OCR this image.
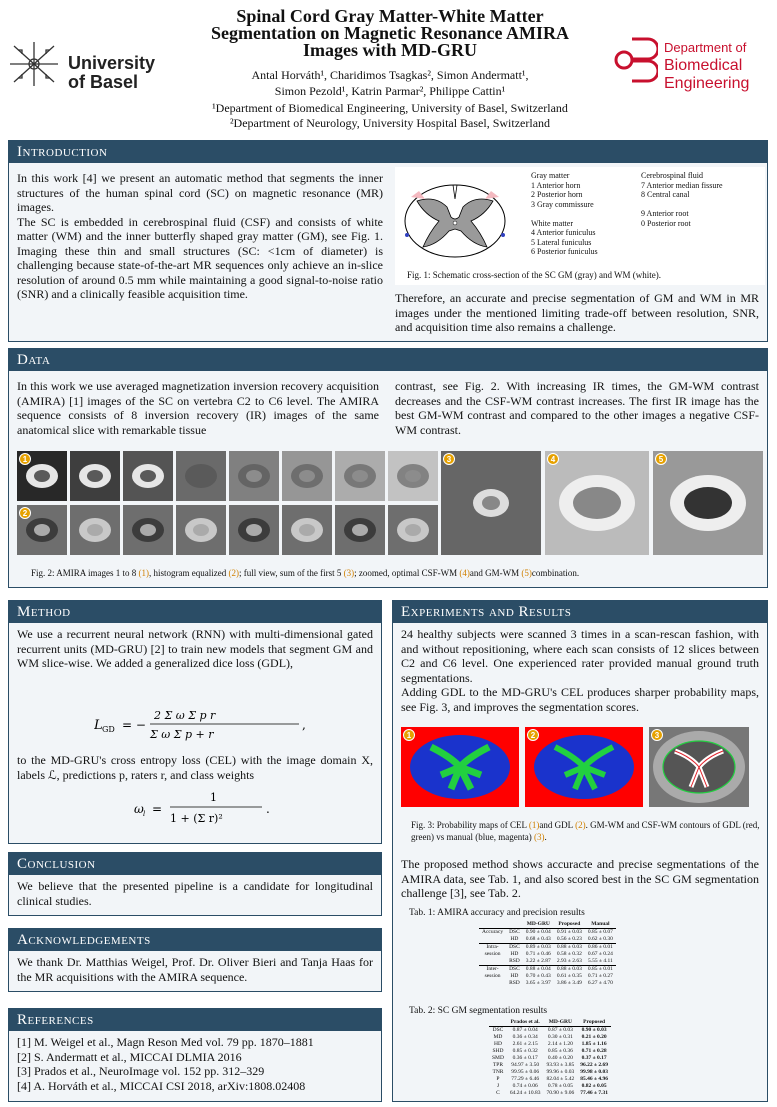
University
of Basel
Spinal Cord Gray Matter-White Matter
Segmentation on Magnetic Resonance AMIRA
Images with MD-GRU
Antal Horváth¹, Charidimos Tsagkas², Simon Andermatt¹,
Simon Pezold¹, Katrin Parmar², Philippe Cattin¹
¹Department of Biomedical Engineering, University of Basel, Switzerland
²Department of Neurology, University Hospital Basel, Switzerland
Department of
Biomedical
Engineering
Introduction
In this work [4] we present an automatic method that segments the inner structures of the human spinal cord (SC) on magnetic resonance (MR) images.
The SC is embedded in cerebrospinal fluid (CSF) and consists of white matter (WM) and the inner butterfly shaped gray matter (GM), see Fig. 1. Imaging these thin and small structures (SC: <1cm of diameter) is challenging because state-of-the-art MR sequences only achieve an in-slice resolution of around 0.5 mm while maintaining a good signal-to-noise ratio (SNR) and a clinically feasible acquisition time.
Gray matter
1 Anterior horn
2 Posterior horn
3 Gray commissure
White matter
4 Anterior funiculus
5 Lateral funiculus
6 Posterior funiculus
Cerebrospinal fluid
7 Anterior median fissure
8 Central canal
9 Anterior root
0 Posterior root
Fig. 1: Schematic cross-section of the SC GM (gray) and WM (white).
Therefore, an accurate and precise segmentation of GM and WM in MR images under the mentioned limiting trade-off between resolution, SNR, and acquisition time also remains a challenge.
Data
In this work we use averaged magnetization inversion recovery acquisition (AMIRA) [1] images of the SC on vertebra C2 to C6 level. The AMIRA sequence consists of 8 inversion recovery (IR) images of the same anatomical slice with remarkable tissue
contrast, see Fig. 2. With increasing IR times, the GM-WM contrast decreases and the CSF-WM contrast increases. The first IR image has the best GM-WM contrast and compared to the other images a negative CSF-WM contrast.
1
2
3	4	5
Fig. 2: AMIRA images 1 to 8 (1), histogram equalized (2); full view, sum of the first 5 (3); zoomed, optimal CSF-WM (4)and GM-WM (5)combination.
Method
We use a recurrent neural network (RNN) with multi-dimensional gated recurrent units (MD-GRU) [2] to train new models that segment GM and WM slice-wise. We added a generalized dice loss (GDL),
L GD = −
2 Σ ω Σ p r
Σ ω Σ p + r
,
to the MD-GRU's cross entropy loss (CEL) with the image domain X, labels ℒ, predictions p, raters r, and class weights
ω l =
1
1 + (Σ r)²
.
Conclusion
We believe that the presented pipeline is a candidate for longitudinal clinical studies.
Acknowledgements
We thank Dr. Matthias Weigel, Prof. Dr. Oliver Bieri and Tanja Haas for the MR acquisitions with the AMIRA sequence.
References
[1] M. Weigel et al., Magn Reson Med vol. 79 pp. 1870–1881
[2] S. Andermatt et al., MICCAI DLMIA 2016
[3] Prados et al., NeuroImage vol. 152 pp. 312–329
[4] A. Horváth et al., MICCAI CSI 2018, arXiv:1808.02408
Experiments and Results
24 healthy subjects were scanned 3 times in a scan-rescan fashion, with and without repositioning, where each scan consists of 12 slices between C2 and C6 level. One experienced rater provided manual ground truth segmentations.
Adding GDL to the MD-GRU's CEL produces sharper probability maps, see Fig. 3, and improves the segmentation scores.
1	2	3
Fig. 3: Probability maps of CEL (1)and GDL (2). GM-WM and CSF-WM contours of GDL (red, green) vs manual (blue, magenta) (3).
The proposed method shows accuracte and precise segmentations of the AMIRA data, see Tab. 1, and also scored best in the SC GM segmentation challenge [3], see Tab. 2.
Tab. 1: AMIRA accuracy and precision results
		MD-GRU	Proposed	Manual
Accuracy	DSC	0.90 ± 0.04	0.91 ± 0.03	0.85 ± 0.07
	HD	0.68 ± 0.43	0.56 ± 0.23	0.62 ± 0.30
Intra-	DSC	0.89 ± 0.03	0.88 ± 0.03	0.86 ± 0.01
session	HD	0.71 ± 0.46	0.58 ± 0.32	0.67 ± 0.24
	RSD	3.22 ± 2.87	2.93 ± 2.63	5.55 ± 4.11
Inter-	DSC	0.88 ± 0.04	0.88 ± 0.03	0.85 ± 0.01
session	HD	0.70 ± 0.43	0.61 ± 0.35	0.71 ± 0.27
	RSD	3.65 ± 3.97	3.86 ± 3.49	6.27 ± 4.70
Tab. 2: SC GM segmentation results
	Prados et al.	MD-GRU	Proposed
DSC	0.87 ± 0.04	0.87 ± 0.03	0.90 ± 0.03
MD	0.36 ± 0.34	0.30 ± 0.31	0.21 ± 0.20
HD	2.61 ± 2.15	2.14 ± 1.20	1.85 ± 1.16
SHD	0.85 ± 0.32	0.85 ± 0.36	0.71 ± 0.28
SMD	0.36 ± 0.17	0.40 ± 0.20	0.37 ± 0.17
TPR	94.97 ± 3.50	93.93 ± 3.85	96.22 ± 2.69
TNR	99.95 ± 0.06	99.96 ± 0.03	99.98 ± 0.03
P	77.29 ± 6.46	82.04 ± 5.42	85.46 ± 4.96
J	0.74 ± 0.06	0.78 ± 0.05	0.82 ± 0.05
C	64.24 ± 10.83	70.90 ± 9.06	77.46 ± 7.31
